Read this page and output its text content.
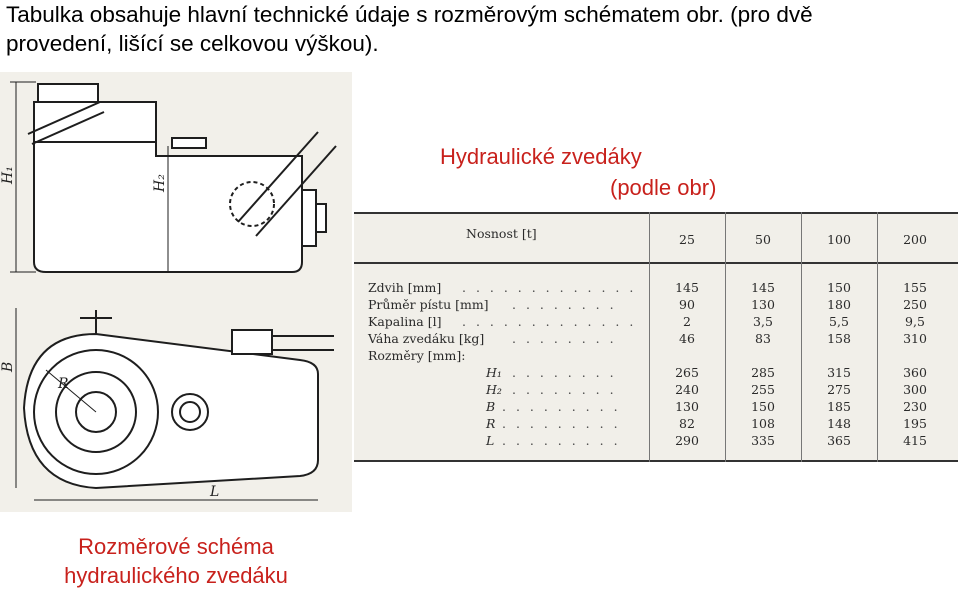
Tabulka obsahuje hlavní technické údaje s rozměrovým schématem obr. (pro dvě
provedení, lišící se celkovou výškou).
H₁	H₂
B
R
L
Hydraulické zvedáky
(podle obr)
Nosnost [t]	25	50	100	200
Zdvih [mm] . . . . . . . . . . . . .	145	145	150	155
Průměr pístu [mm] . . . . . . . .	90	130	180	250
Kapalina [l] . . . . . . . . . . . . .	2	3,5	5,5	9,5
Váha zvedáku [kg] . . . . . . . .	46	83	158	310
Rozměry [mm]:
H₁ . . . . . . . .	265	285	315	360
H₂ . . . . . . . .	240	255	275	300
B . . . . . . . . .	130	150	185	230
R . . . . . . . . .	82	108	148	195
L . . . . . . . . .	290	335	365	415
Rozměrové schéma
hydraulického zvedáku
